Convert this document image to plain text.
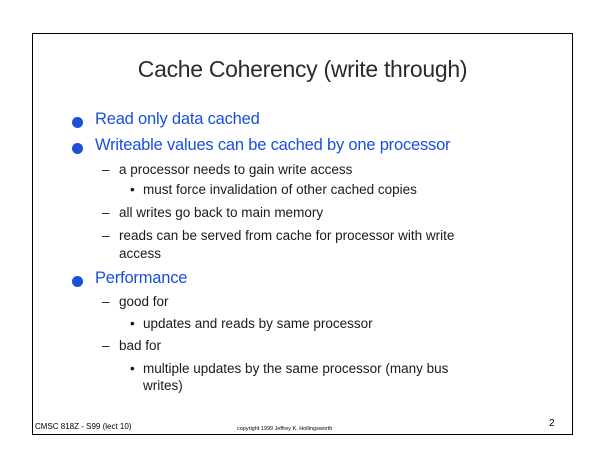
Cache Coherency (write through)
Read only data cached
Writeable values can be cached by one processor
– a processor needs to gain write access
• must force invalidation of other cached copies
– all writes go back to main memory
– reads can be served from cache for processor with write
access
Performance
– good for
• updates and reads by same processor
– bad for
• multiple updates by the same processor (many bus
writes)
CMSC 818Z - S99 (lect 10)	copyright 1999 Jeffrey K. Hollingsworth	2
